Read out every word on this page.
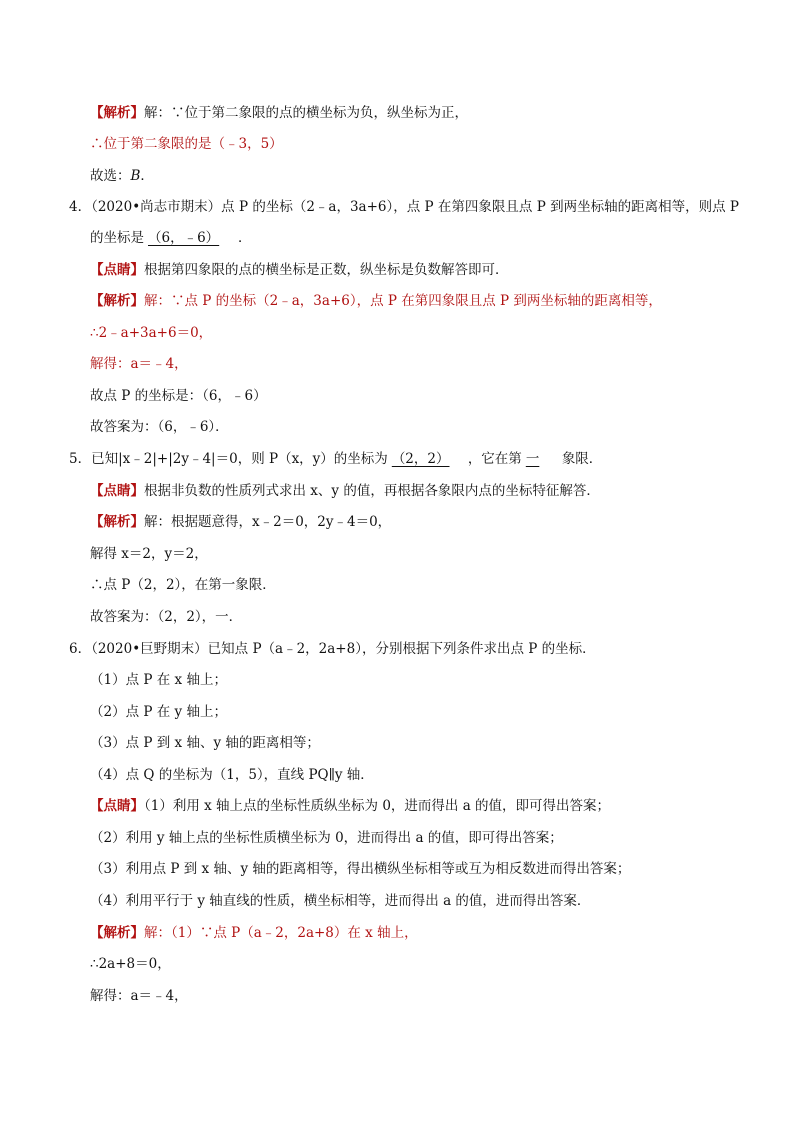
【解析】解：∵位于第二象限的点的横坐标为负，纵坐标为正，
∴位于第二象限的是（﹣3，5）
故选：B．
4．（2020•尚志市期末）点 P 的坐标（2﹣a，3a+6），点 P 在第四象限且点 P 到两坐标轴的距离相等，则点 P
的坐标是 （6，﹣6） ．
【点睛】根据第四象限的点的横坐标是正数，纵坐标是负数解答即可．
【解析】解：∵点 P 的坐标（2﹣a，3a+6），点 P 在第四象限且点 P 到两坐标轴的距离相等，
∴2﹣a+3a+6＝0，
解得：a＝﹣4，
故点 P 的坐标是：（6，﹣6）
故答案为：（6，﹣6）．
5．已知|x﹣2|+|2y﹣4|＝0，则 P（x，y）的坐标为 （2，2） ，它在第 一 象限．
【点睛】根据非负数的性质列式求出 x、y 的值，再根据各象限内点的坐标特征解答．
【解析】解：根据题意得，x﹣2＝0，2y﹣4＝0，
解得 x＝2，y＝2，
∴点 P（2，2），在第一象限．
故答案为：（2，2），一．
6．（2020•巨野期末）已知点 P（a﹣2，2a+8），分别根据下列条件求出点 P 的坐标．
（1）点 P 在 x 轴上；
（2）点 P 在 y 轴上；
（3）点 P 到 x 轴、y 轴的距离相等；
（4）点 Q 的坐标为（1，5），直线 PQ∥y 轴．
【点睛】（1）利用 x 轴上点的坐标性质纵坐标为 0，进而得出 a 的值，即可得出答案；
（2）利用 y 轴上点的坐标性质横坐标为 0，进而得出 a 的值，即可得出答案；
（3）利用点 P 到 x 轴、y 轴的距离相等，得出横纵坐标相等或互为相反数进而得出答案；
（4）利用平行于 y 轴直线的性质，横坐标相等，进而得出 a 的值，进而得出答案．
【解析】解：（1）∵点 P（a﹣2，2a+8）在 x 轴上，
∴2a+8＝0，
解得：a＝﹣4，
